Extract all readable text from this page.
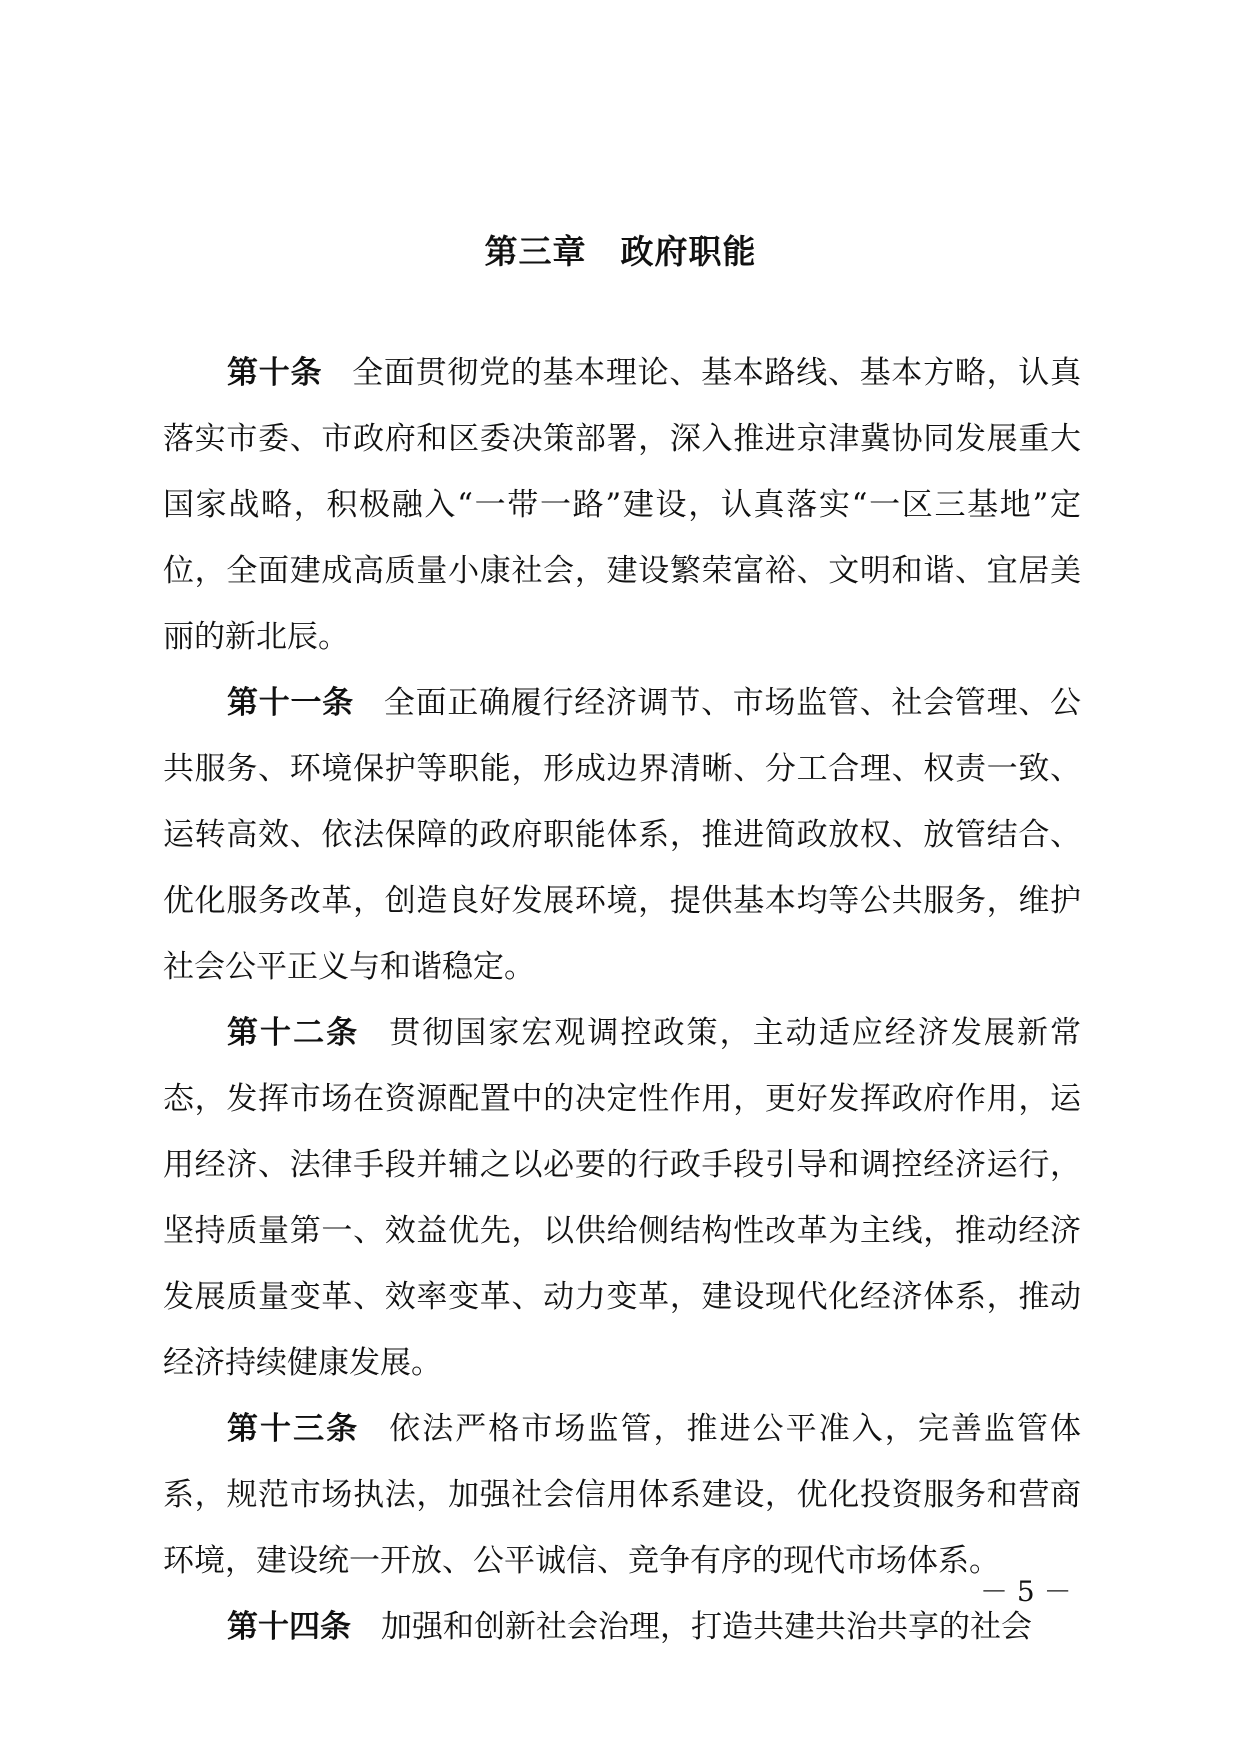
第三章　政府职能

第十条 全面贯彻党的基本理论、基本路线、基本方略，认真落实市委、市政府和区委决策部署，深入推进京津冀协同发展重大国家战略，积极融入“一带一路”建设，认真落实“一区三基地”定位，全面建成高质量小康社会，建设繁荣富裕、文明和谐、宜居美丽的新北辰。

第十一条 全面正确履行经济调节、市场监管、社会管理、公共服务、环境保护等职能，形成边界清晰、分工合理、权责一致、运转高效、依法保障的政府职能体系，推进简政放权、放管结合、优化服务改革，创造良好发展环境，提供基本均等公共服务，维护社会公平正义与和谐稳定。

第十二条 贯彻国家宏观调控政策，主动适应经济发展新常态，发挥市场在资源配置中的决定性作用，更好发挥政府作用，运用经济、法律手段并辅之以必要的行政手段引导和调控经济运行，坚持质量第一、效益优先，以供给侧结构性改革为主线，推动经济发展质量变革、效率变革、动力变革，建设现代化经济体系，推动经济持续健康发展。

第十三条 依法严格市场监管，推进公平准入，完善监管体系，规范市场执法，加强社会信用体系建设，优化投资服务和营商环境，建设统一开放、公平诚信、竞争有序的现代市场体系。

第十四条 加强和创新社会治理，打造共建共治共享的社会

－ 5 －
